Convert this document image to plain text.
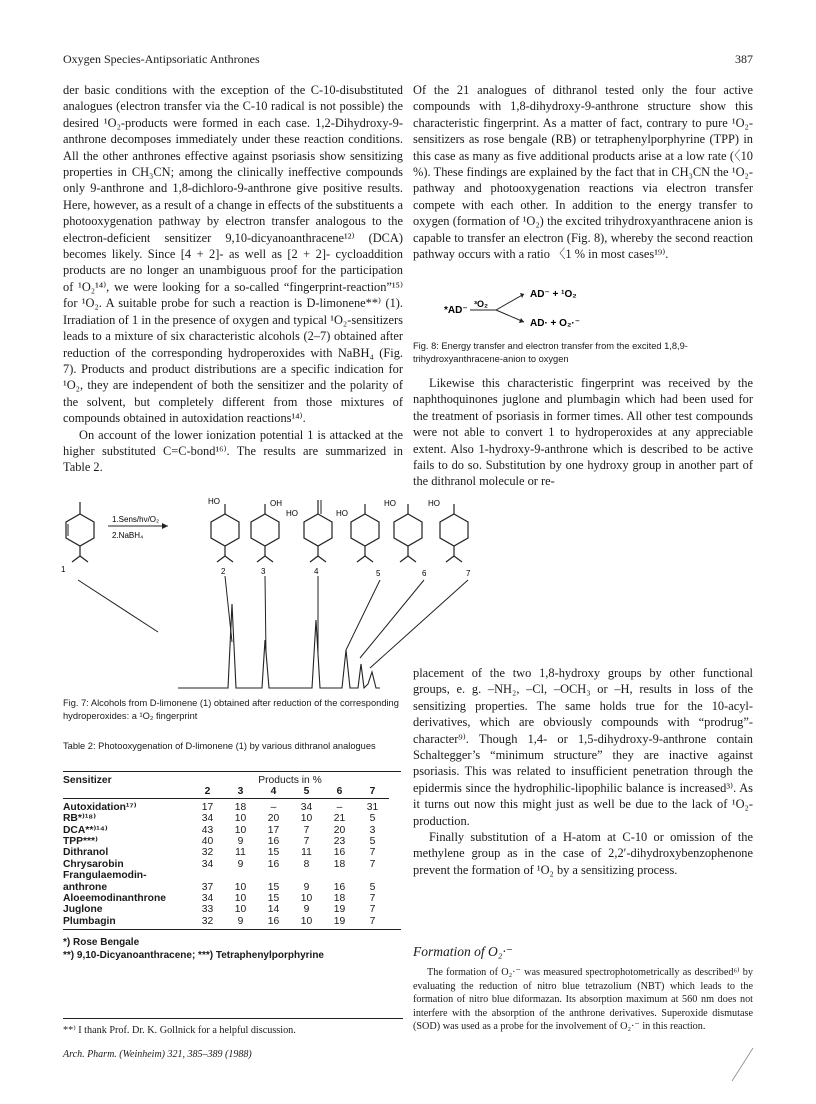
Oxygen Species-Antipsoriatic Anthrones	387

der basic conditions with the exception of the C-10-disubstituted analogues (electron transfer via the C-10 radical is not possible) the desired ¹O₂-products were formed in each case. 1,2-Dihydroxy-9-anthrone decomposes immediately under these reaction conditions. All the other anthrones effective against psoriasis show sensitizing properties in CH₃CN; among the clinically ineffective compounds only 9-anthrone and 1,8-dichloro-9-anthrone give positive results. Here, however, as a result of a change in effects of the substituents a photooxygenation pathway by electron transfer analogous to the electron-deficient sensitizer 9,10-dicyanoanthracene¹²⁾ (DCA) becomes likely. Since [4 + 2]- as well as [2 + 2]- cycloaddition products are no longer an unambiguous proof for the participation of ¹O₂¹⁴⁾, we were looking for a so-called “fingerprint-reaction”¹⁵⁾ for ¹O₂. A suitable probe for such a reaction is D-limonene**⁾ (1). Irradiation of 1 in the presence of oxygen and typical ¹O₂-sensitizers leads to a mixture of six characteristic alcohols (2–7) obtained after reduction of the corresponding hydroperoxides with NaBH₄ (Fig. 7). Products and product distributions are a specific indication for ¹O₂, they are independent of both the sensitizer and the polarity of the solvent, but completely different from those mixtures of compounds obtained in autoxidation reactions¹⁴⁾.

On account of the lower ionization potential 1 is attacked at the higher substituted C=C-bond¹⁶⁾. The results are summarized in Table 2.

Of the 21 analogues of dithranol tested only the four active compounds with 1,8-dihydroxy-9-anthrone structure show this characteristic fingerprint. As a matter of fact, contrary to pure ¹O₂-sensitizers as rose bengale (RB) or tetraphenylporphyrine (TPP) in this case as many as five additional products arise at a low rate (〈10 %). These findings are explained by the fact that in CH₃CN the ¹O₂-pathway and photooxygenation reactions via electron transfer compete with each other. In addition to the energy transfer to oxygen (formation of ¹O₂) the excited trihydroxyanthracene anion is capable to transfer an electron (Fig. 8), whereby the second reaction pathway occurs with a ratio 〈1 % in most cases¹⁹⁾.

*AD⁻
³O₂
AD⁻ + ¹O₂
AD· + O₂·⁻
Fig. 8: Energy transfer and electron transfer from the excited 1,8,9-trihydroxyanthracene-anion to oxygen

Likewise this characteristic fingerprint was received by the naphthoquinones juglone and plumbagin which had been used for the treatment of psoriasis in former times. All other test compounds were not able to convert 1 to hydroperoxides at any appreciable extent. Also 1-hydroxy-9-anthrone which is described to be active fails to do so. Substitution by one hydroxy group in another part of the dithranol molecule or re-

1
1.Sens/hν/O₂
2.NaBH₄
HO
2
OH
3
HO
4
HO
5
HO
6
HO
7
Fig. 7: Alcohols from D-limonene (1) obtained after reduction of the corresponding hydroperoxides: a ¹O₂ fingerprint
Table 2: Photooxygenation of D-limonene (1) by various dithranol analogues
Sensitizer	Products in %					
	2	3	4	5	6	7
Autoxidation¹⁷⁾	17	18	–	34	–	31
RB*⁾¹⁸⁾	34	10	20	10	21	5
DCA**⁾¹⁴⁾	43	10	17	7	20	3
TPP***⁾	40	9	16	7	23	5
Dithranol	32	11	15	11	16	7
Chrysarobin	34	9	16	8	18	7
Frangulaemodin-						
anthrone	37	10	15	9	16	5
Aloeemodinanthrone	34	10	15	10	18	7
Juglone	33	10	14	9	19	7
Plumbagin	32	9	16	10	19	7
*) Rose Bengale
**) 9,10-Dicyanoanthracene; ***) Tetraphenylporphyrine
**⁾ I thank Prof. Dr. K. Gollnick for a helpful discussion.
Arch. Pharm. (Weinheim) 321, 385–389 (1988)

placement of the two 1,8-hydroxy groups by other functional groups, e. g. –NH₂, –Cl, –OCH₃ or –H, results in loss of the sensitizing properties. The same holds true for the 10-acyl-derivatives, which are obviously compounds with “prodrug”-character⁹⁾. Though 1,4- or 1,5-dihydroxy-9-anthrone contain Schaltegger’s “minimum structure” they are inactive against psoriasis. This was related to insufficient penetration through the epidermis since the hydrophilic-lipophilic balance is increased³⁾. As it turns out now this might just as well be due to the lack of ¹O₂-production.

Finally substitution of a H-atom at C-10 or omission of the methylene group as in the case of 2,2′-dihydroxybenzophenone prevent the formation of ¹O₂ by a sensitizing process.

Formation of O₂·⁻
The formation of O₂·⁻ was measured spectrophotometrically as described⁶⁾ by evaluating the reduction of nitro blue tetrazolium (NBT) which leads to the formation of nitro blue diformazan. Its absorption maximum at 560 nm does not interfere with the absorption of the anthrone derivatives. Superoxide dismutase (SOD) was used as a probe for the involvement of O₂·⁻ in this reaction.
